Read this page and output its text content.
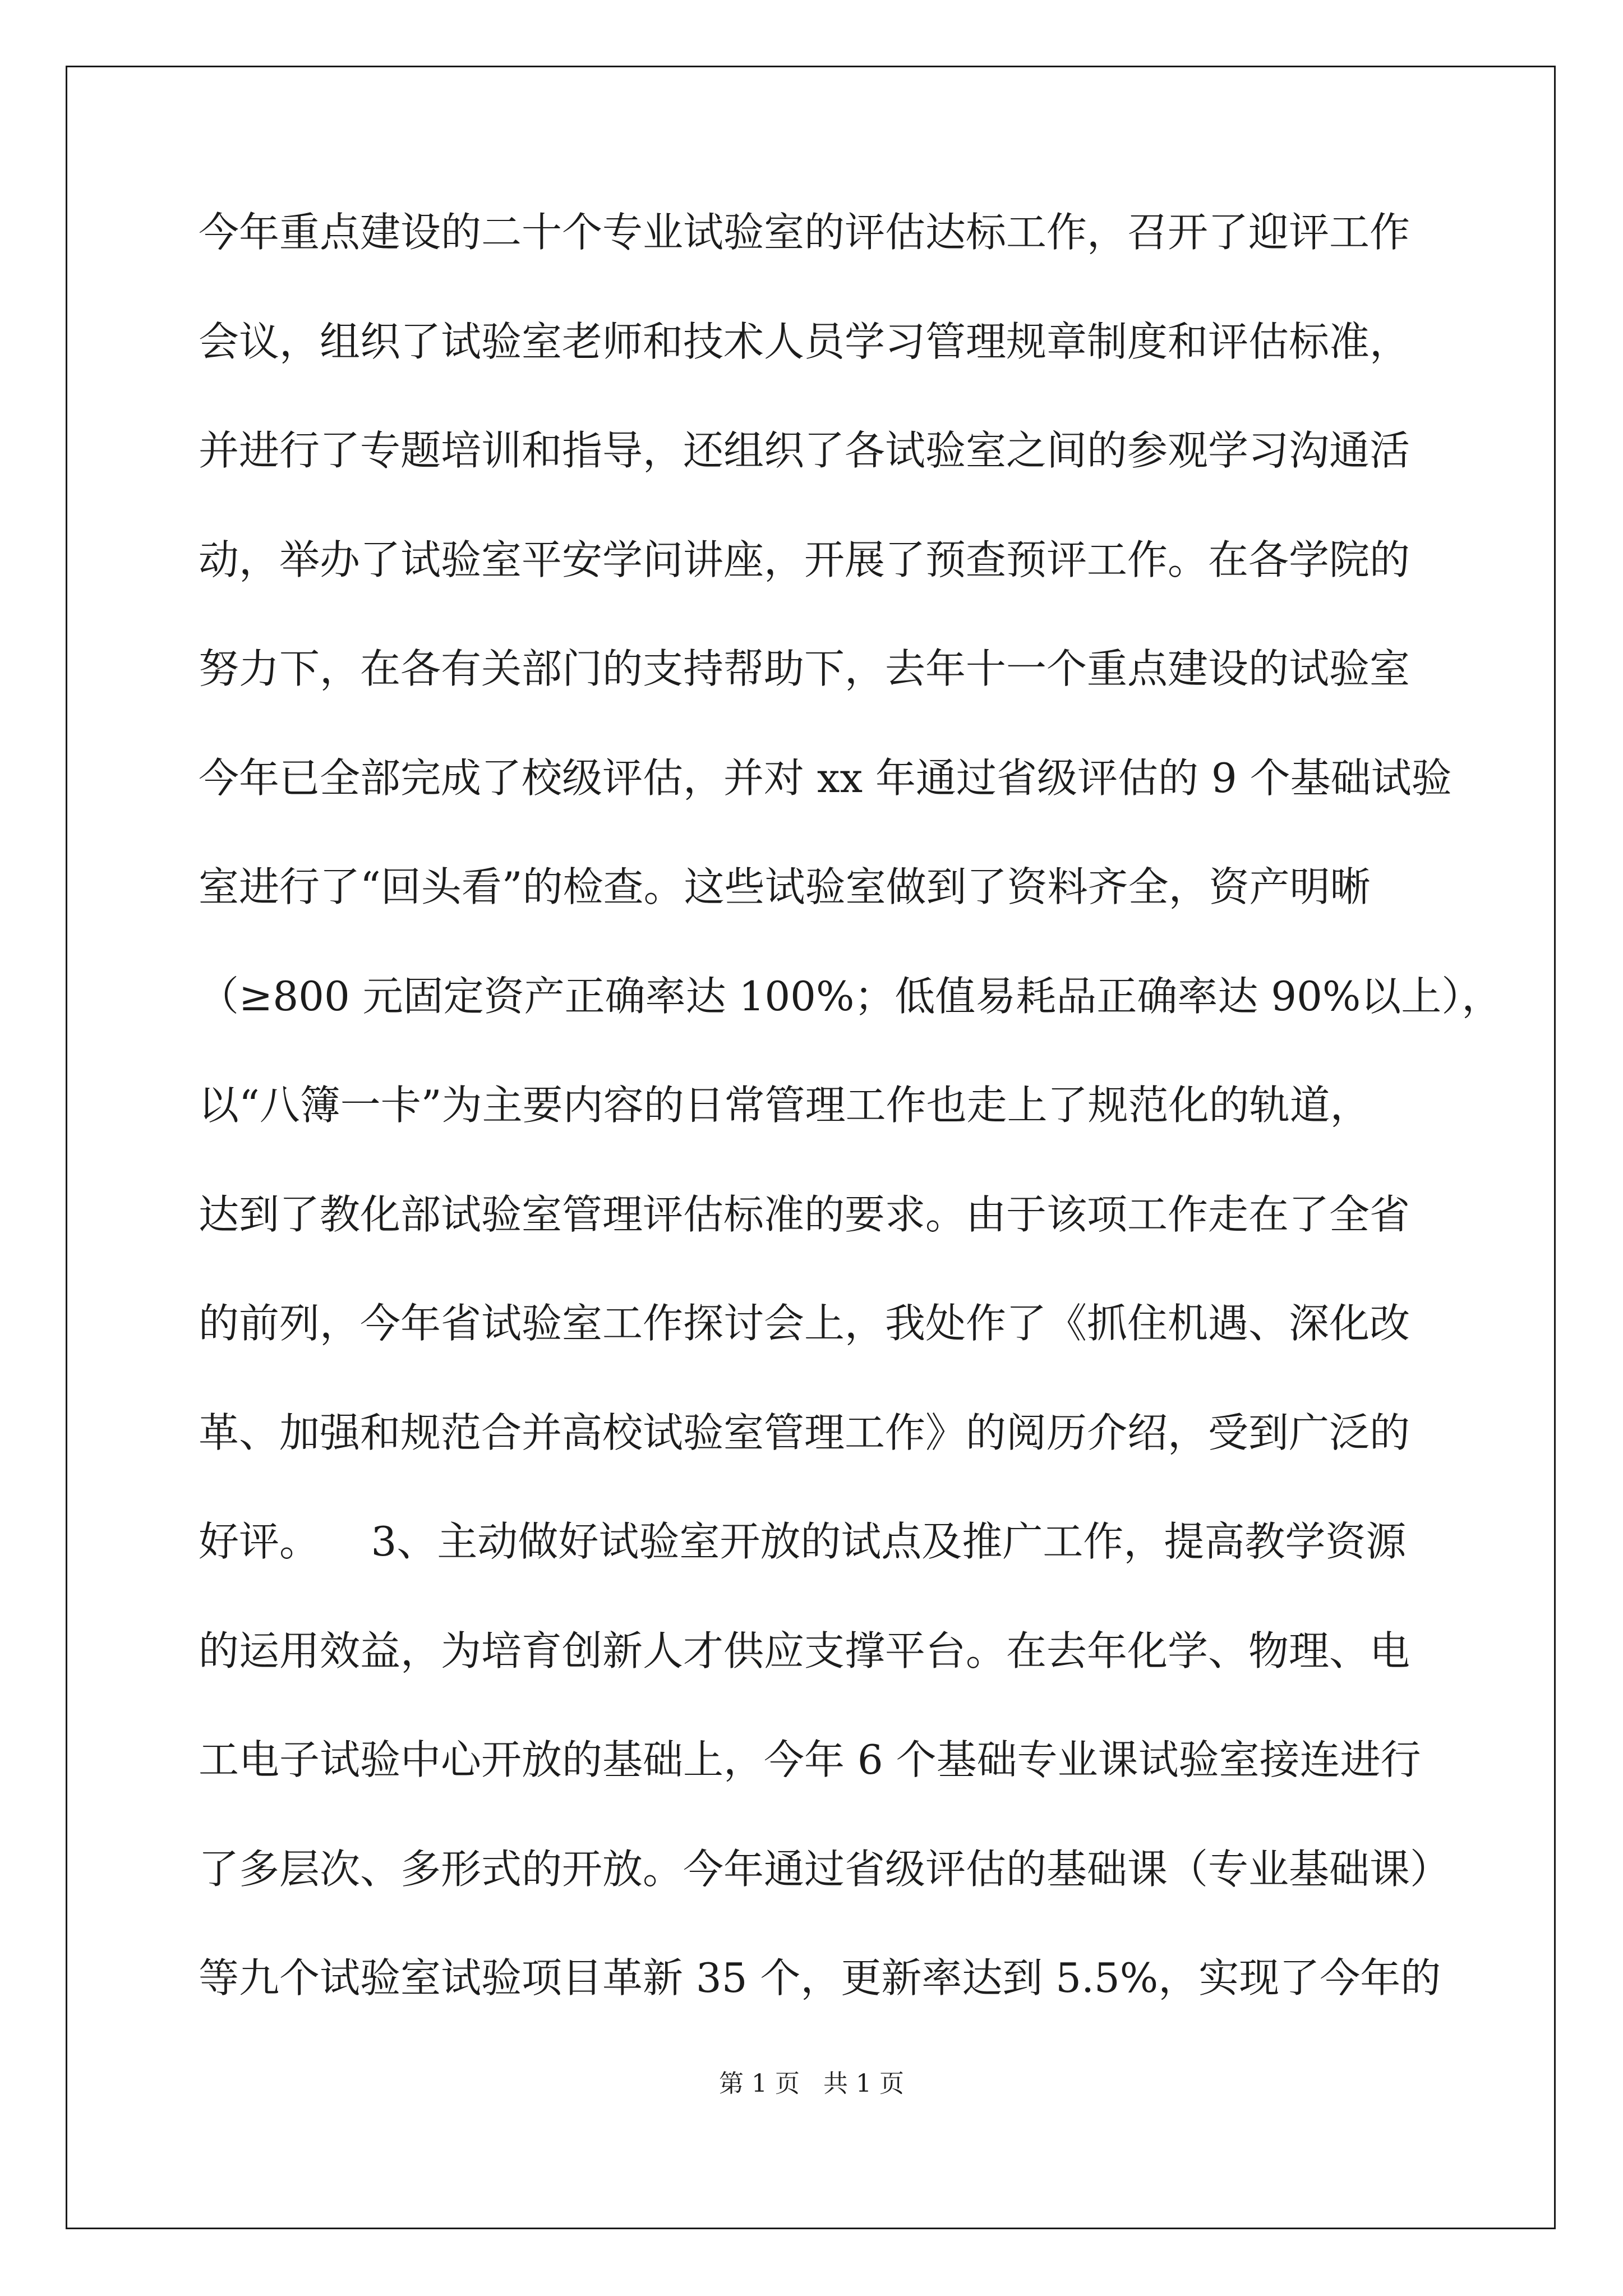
今年重点建设的二十个专业试验室的评估达标工作，召开了迎评工作
会议，组织了试验室老师和技术人员学习管理规章制度和评估标准，
并进行了专题培训和指导，还组织了各试验室之间的参观学习沟通活
动，举办了试验室平安学问讲座，开展了预查预评工作。在各学院的
努力下，在各有关部门的支持帮助下，去年十一个重点建设的试验室
今年已全部完成了校级评估，并对 xx 年通过省级评估的 9 个基础试验
室进行了“回头看”的检查。这些试验室做到了资料齐全，资产明晰
（≥800 元固定资产正确率达 100%；低值易耗品正确率达 90%以上），
以“八簿一卡”为主要内容的日常管理工作也走上了规范化的轨道，
达到了教化部试验室管理评估标准的要求。由于该项工作走在了全省
的前列，今年省试验室工作探讨会上，我处作了《抓住机遇、深化改
革、加强和规范合并高校试验室管理工作》的阅历介绍，受到广泛的
好评。    3、主动做好试验室开放的试点及推广工作，提高教学资源
的运用效益，为培育创新人才供应支撑平台。在去年化学、物理、电
工电子试验中心开放的基础上，今年 6 个基础专业课试验室接连进行
了多层次、多形式的开放。今年通过省级评估的基础课（专业基础课）
等九个试验室试验项目革新 35 个，更新率达到 5.5%，实现了今年的
第 1 页   共 1 页
